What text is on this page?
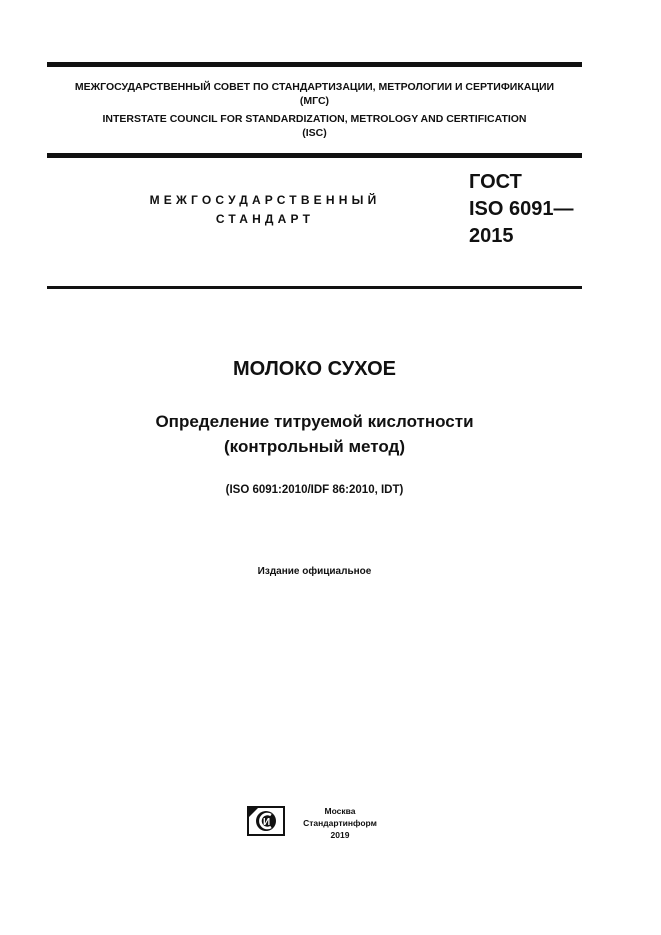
МЕЖГОСУДАРСТВЕННЫЙ СОВЕТ ПО СТАНДАРТИЗАЦИИ, МЕТРОЛОГИИ И СЕРТИФИКАЦИИ
(МГС)
INTERSTATE COUNCIL FOR STANDARDIZATION, METROLOGY AND CERTIFICATION
(ISC)
МЕЖГОСУДАРСТВЕННЫЙ
СТАНДАРТ
ГОСТ
ISO 6091—
2015
МОЛОКО СУХОЕ
Определение титруемой кислотности
(контрольный метод)
(ISO 6091:2010/IDF 86:2010, IDT)
Издание официальное
И
Москва
Стандартинформ
2019
